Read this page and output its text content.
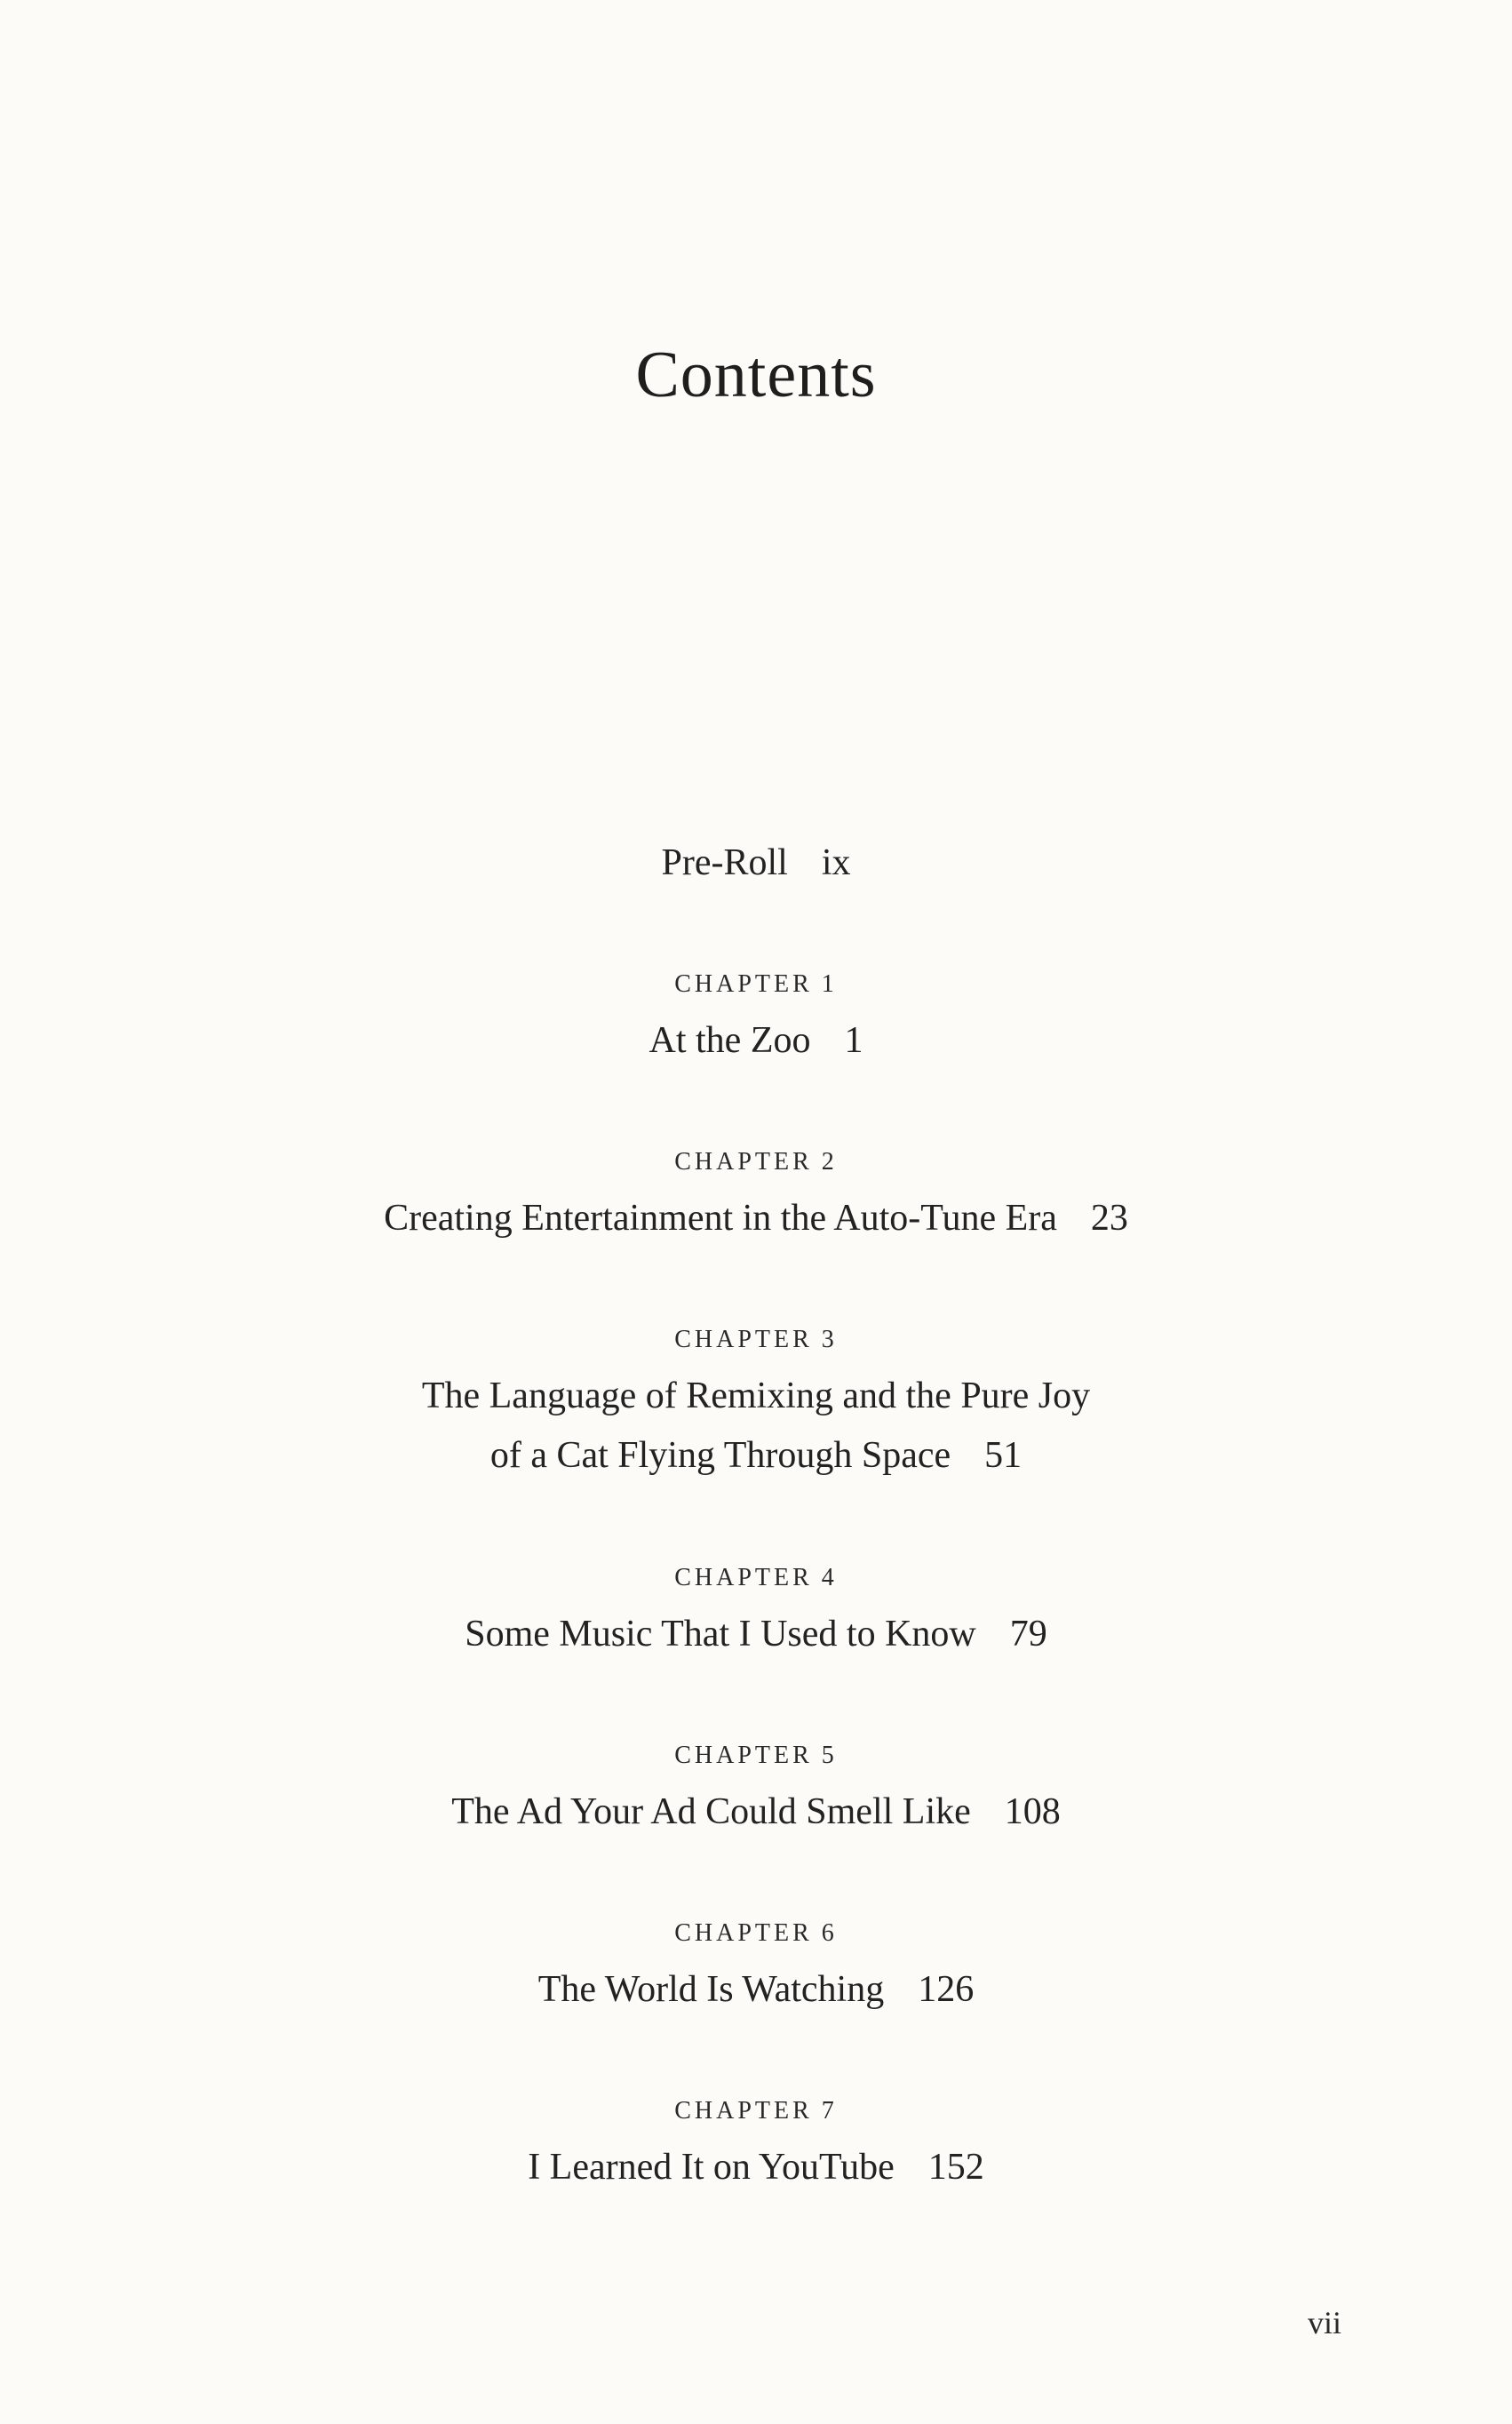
Contents
Pre-Roll ix
CHAPTER 1
At the Zoo 1
CHAPTER 2
Creating Entertainment in the Auto-Tune Era 23
CHAPTER 3
The Language of Remixing and the Pure Joy
of a Cat Flying Through Space 51
CHAPTER 4
Some Music That I Used to Know 79
CHAPTER 5
The Ad Your Ad Could Smell Like 108
CHAPTER 6
The World Is Watching 126
CHAPTER 7
I Learned It on YouTube 152
vii
